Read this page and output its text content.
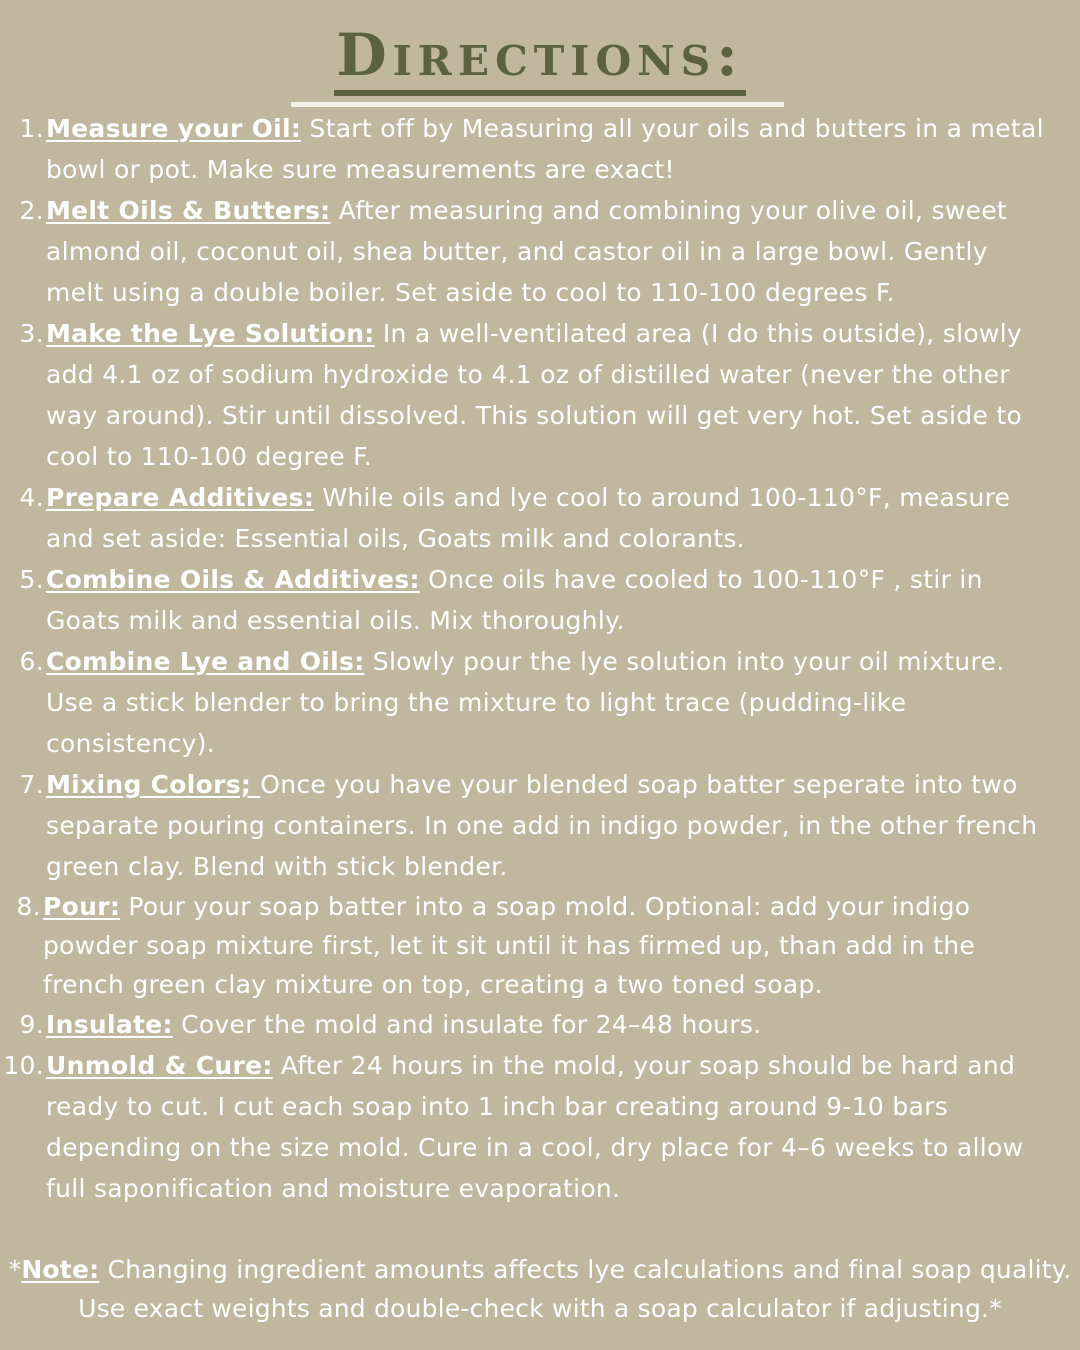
Directions:
1. Measure your Oil: Start off by Measuring all your oils and butters in a metal bowl or pot. Make sure measurements are exact!
2. Melt Oils & Butters: After measuring and combining your olive oil, sweet almond oil, coconut oil, shea butter, and castor oil in a large bowl. Gently melt using a double boiler. Set aside to cool to 110-100 degrees F.
3. Make the Lye Solution: In a well-ventilated area (I do this outside), slowly add 4.1 oz of sodium hydroxide to 4.1 oz of distilled water (never the other way around). Stir until dissolved. This solution will get very hot. Set aside to cool to 110-100 degree F.
4. Prepare Additives: While oils and lye cool to around 100-110°F, measure and set aside: Essential oils, Goats milk and colorants.
5. Combine Oils & Additives: Once oils have cooled to 100-110°F , stir in Goats milk and essential oils. Mix thoroughly.
6. Combine Lye and Oils: Slowly pour the lye solution into your oil mixture. Use a stick blender to bring the mixture to light trace (pudding-like consistency).
7. Mixing Colors; Once you have your blended soap batter seperate into two separate pouring containers. In one add in indigo powder, in the other french green clay. Blend with stick blender.
8. Pour: Pour your soap batter into a soap mold. Optional: add your indigo powder soap mixture first, let it sit until it has firmed up, than add in the french green clay mixture on top, creating a two toned soap.
9. Insulate: Cover the mold and insulate for 24–48 hours.
10. Unmold & Cure: After 24 hours in the mold, your soap should be hard and ready to cut. I cut each soap into 1 inch bar creating around 9-10 bars depending on the size mold. Cure in a cool, dry place for 4–6 weeks to allow full saponification and moisture evaporation.
*Note: Changing ingredient amounts affects lye calculations and final soap quality. Use exact weights and double-check with a soap calculator if adjusting.*
